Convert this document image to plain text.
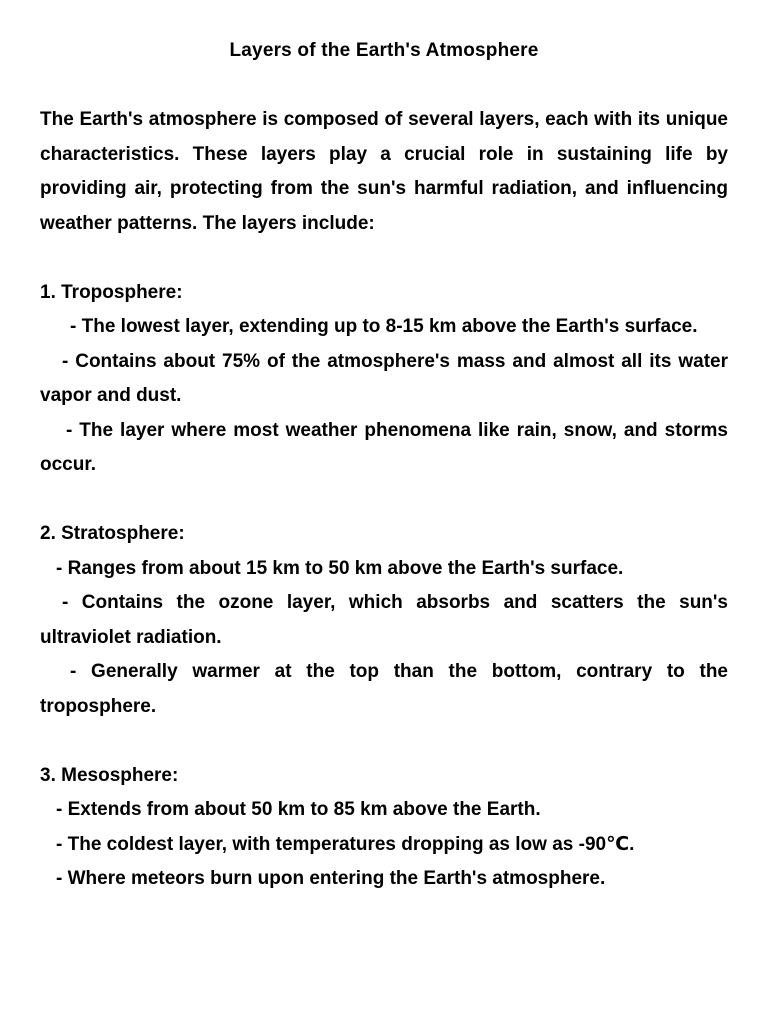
Layers of the Earth's Atmosphere

The Earth's atmosphere is composed of several layers, each with its unique characteristics. These layers play a crucial role in sustaining life by providing air, protecting from the sun's harmful radiation, and influencing weather patterns. The layers include:

1. Troposphere:

- The lowest layer, extending up to 8-15 km above the Earth's surface.

- Contains about 75% of the atmosphere's mass and almost all its water vapor and dust.

- The layer where most weather phenomena like rain, snow, and storms occur.

2. Stratosphere:

- Ranges from about 15 km to 50 km above the Earth's surface.

- Contains the ozone layer, which absorbs and scatters the sun's ultraviolet radiation.

- Generally warmer at the top than the bottom, contrary to the troposphere.

3. Mesosphere:

- Extends from about 50 km to 85 km above the Earth.

- The coldest layer, with temperatures dropping as low as -90℃.

- Where meteors burn upon entering the Earth's atmosphere.
